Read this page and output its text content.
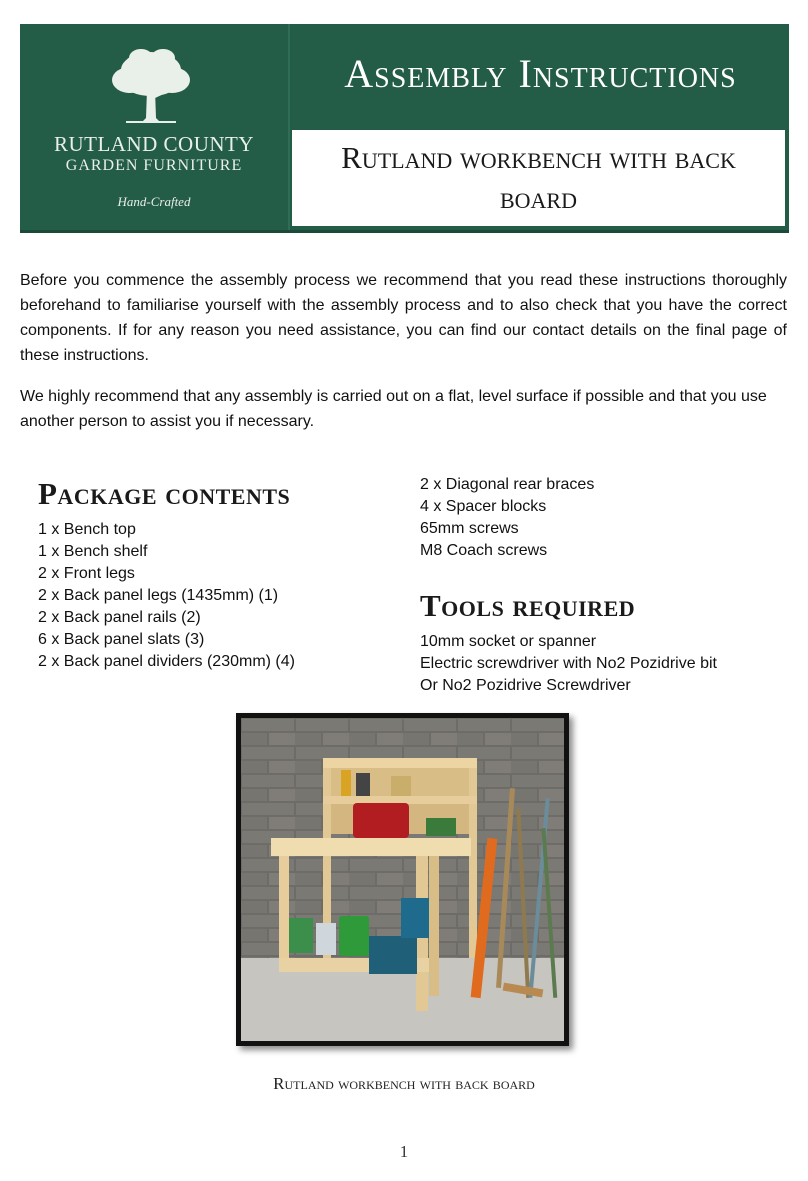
RUTLAND COUNTY
GARDEN FURNITURE
Hand-Crafted
Assembly Instructions
Rutland workbench with back board

Before you commence the assembly process we recommend that you read these instructions thoroughly beforehand to familiarise yourself with the assembly process and to also check that you have the correct components. If for any reason you need assistance, you can find our contact details on the final page of these instructions.

We highly recommend that any assembly is carried out on a flat, level surface if possible and that you use another person to assist you if necessary.

Package contents
1 x Bench top
1 x Bench shelf
2 x Front legs
2 x Back panel legs (1435mm) (1)
2 x Back panel rails (2)
6 x Back panel slats (3)
2 x Back panel dividers (230mm) (4)
2 x Diagonal rear braces
4 x Spacer blocks
65mm screws
M8 Coach screws
Tools required
10mm socket or spanner
Electric screwdriver with No2 Pozidrive bit
Or No2 Pozidrive Screwdriver
Rutland workbench with back board
1
